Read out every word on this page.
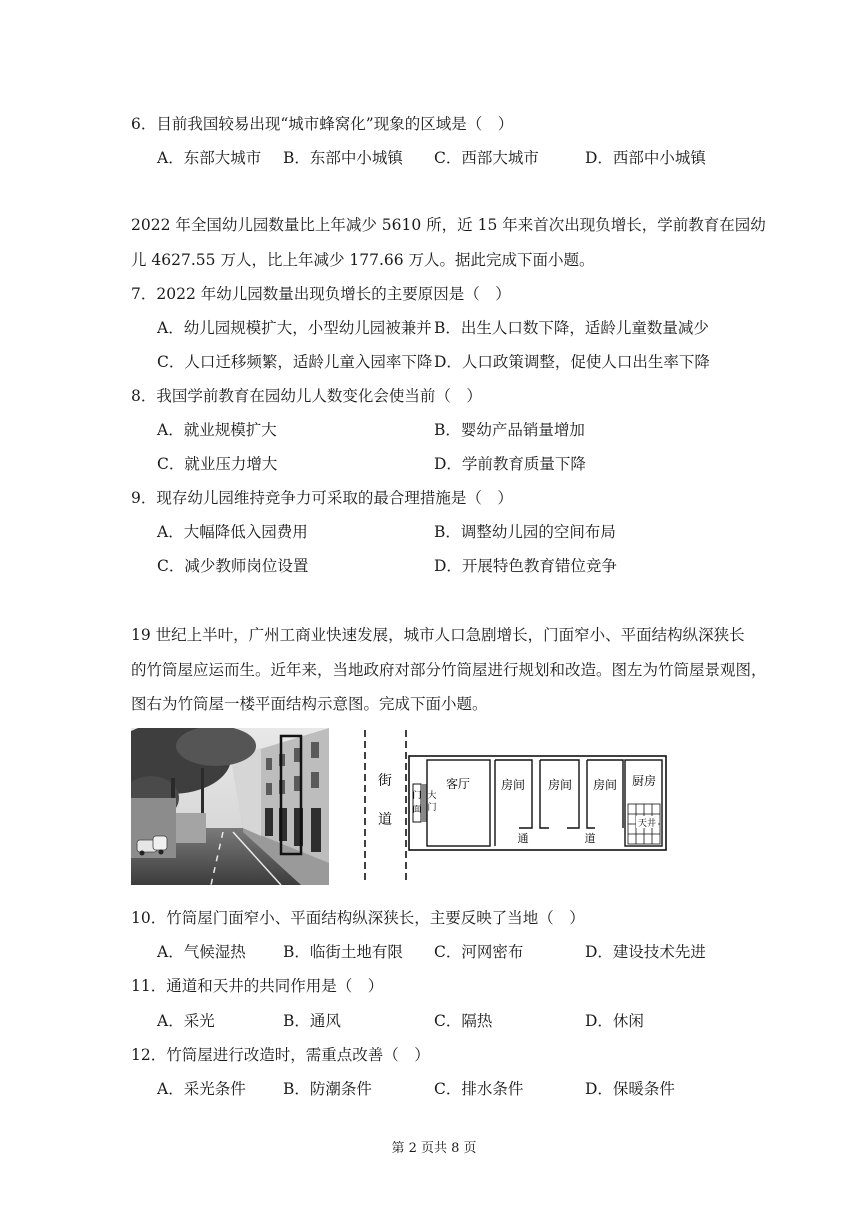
6．目前我国较易出现“城市蜂窝化”现象的区域是（　）
A．东部大城市 B．东部中小城镇 C．西部大城市	D．西部中小城镇
2022 年全国幼儿园数量比上年减少 5610 所，近 15 年来首次出现负增长，学前教育在园幼
儿 4627.55 万人，比上年减少 177.66 万人。据此完成下面小题。
7．2022 年幼儿园数量出现负增长的主要原因是（　）
A．幼儿园规模扩大，小型幼儿园被兼并 B．出生人口数下降，适龄儿童数量减少
C．人口迁移频繁，适龄儿童入园率下降 D．人口政策调整，促使人口出生率下降
8．我国学前教育在园幼儿人数变化会使当前（　）
A．就业规模扩大	B．婴幼产品销量增加
C．就业压力增大	D．学前教育质量下降
9．现存幼儿园维持竞争力可采取的最合理措施是（　）
A．大幅降低入园费用	B．调整幼儿园的空间布局
C．减少教师岗位设置	D．开展特色教育错位竞争
19 世纪上半叶，广州工商业快速发展，城市人口急剧增长，门面窄小、平面结构纵深狭长
的竹筒屋应运而生。近年来，当地政府对部分竹筒屋进行规划和改造。图左为竹筒屋景观图，
图右为竹筒屋一楼平面结构示意图。完成下面小题。
街
道
门
面
大
门
客厅	房间 房间 房间 厨房
天井
通	道
10．竹筒屋门面窄小、平面结构纵深狭长，主要反映了当地（　）
A．气候湿热 B．临街土地有限 C．河网密布	D．建设技术先进
11．通道和天井的共同作用是（　）
A．采光	B．通风	C．隔热	D．休闲
12．竹筒屋进行改造时，需重点改善（　）
A．采光条件 B．防潮条件	C．排水条件	D．保暖条件
第 2 页共 8 页
